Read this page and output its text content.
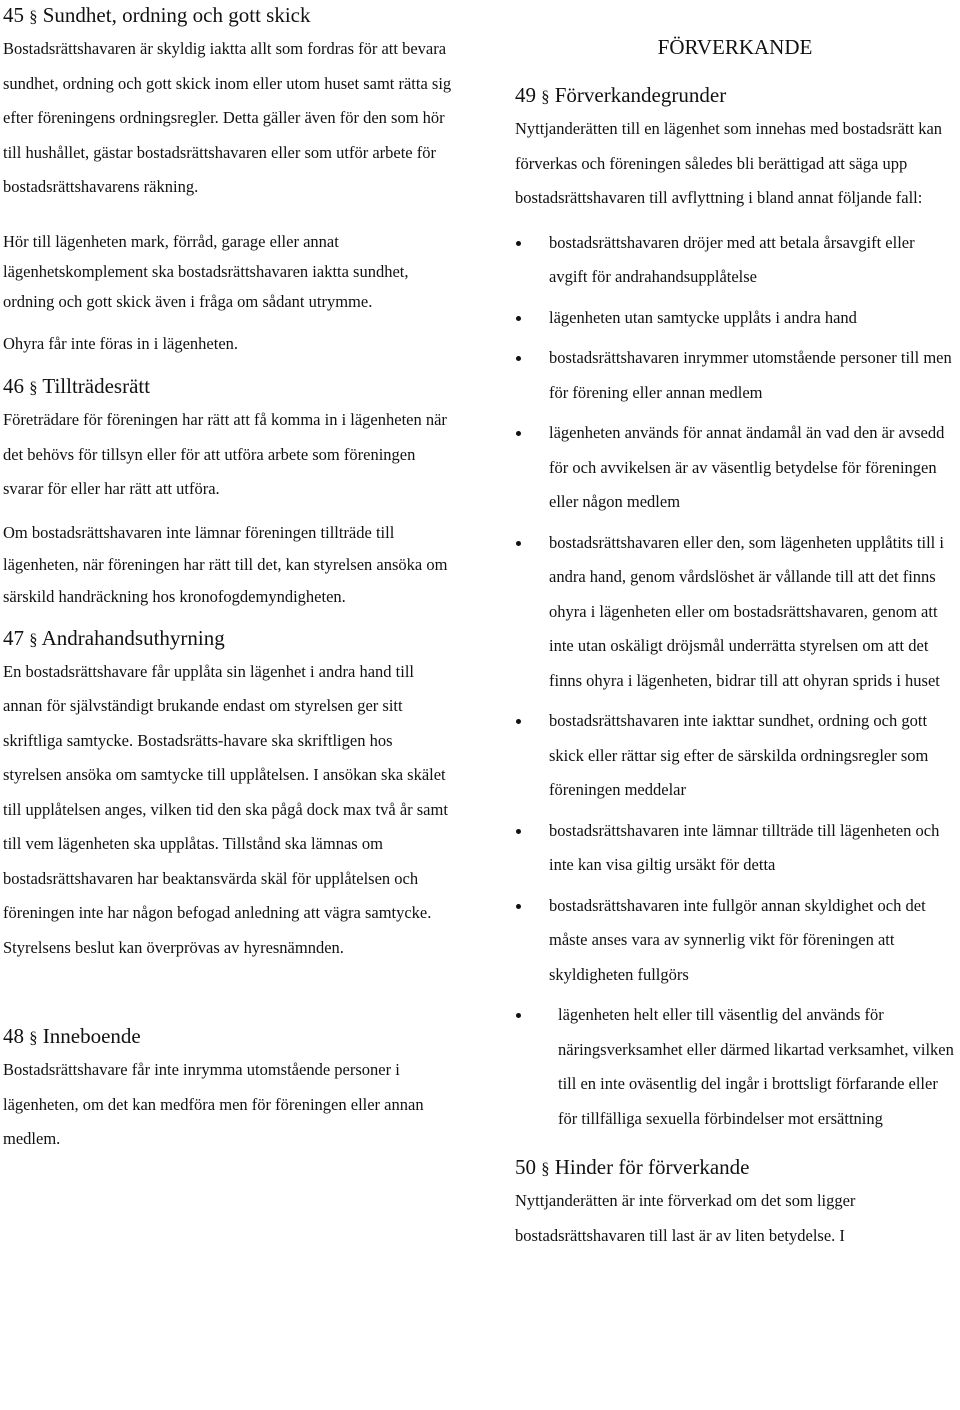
45 § Sundhet, ordning och gott skick

Bostadsrättshavaren är skyldig iaktta allt som fordras för att bevara sundhet, ordning och gott skick inom eller utom huset samt rätta sig efter föreningens ordningsregler. Detta gäller även för den som hör till hushållet, gästar bostadsrättshavaren eller som utför arbete för bostadsrättshavarens räkning.

Hör till lägenheten mark, förråd, garage eller annat lägenhetskomplement ska bostadsrättshavaren iaktta sundhet, ordning och gott skick även i fråga om sådant utrymme.

Ohyra får inte föras in i lägenheten.

46 § Tillträdesrätt

Företrädare för föreningen har rätt att få komma in i lägenheten när det behövs för tillsyn eller för att utföra arbete som föreningen svarar för eller har rätt att utföra.

Om bostadsrättshavaren inte lämnar föreningen tillträde till lägenheten, när föreningen har rätt till det, kan styrelsen ansöka om särskild handräckning hos kronofogdemyndigheten.

47 § Andrahandsuthyrning

En bostadsrättshavare får upplåta sin lägenhet i andra hand till annan för självständigt brukande endast om styrelsen ger sitt skriftliga samtycke. Bostadsrätts-havare ska skriftligen hos styrelsen ansöka om samtycke till upplåtelsen. I ansökan ska skälet till upplåtelsen anges, vilken tid den ska pågå dock max två år samt till vem lägenheten ska upplåtas. Tillstånd ska lämnas om bostadsrättshavaren har beaktansvärda skäl för upplåtelsen och föreningen inte har någon befogad anledning att vägra samtycke. Styrelsens beslut kan överprövas av hyresnämnden.

48 § Inneboende

Bostadsrättshavare får inte inrymma utomstående personer i lägenheten, om det kan medföra men för föreningen eller annan medlem.

FÖRVERKANDE
49 § Förverkandegrunder

Nyttjanderätten till en lägenhet som innehas med bostadsrätt kan förverkas och föreningen således bli berättigad att säga upp bostadsrättshavaren till avflyttning i bland annat följande fall:

bostadsrättshavaren dröjer med att betala årsavgift eller avgift för andrahandsupplåtelse
lägenheten utan samtycke upplåts i andra hand
bostadsrättshavaren inrymmer utomstående personer till men för förening eller annan medlem
lägenheten används för annat ändamål än vad den är avsedd för och avvikelsen är av väsentlig betydelse för föreningen eller någon medlem
bostadsrättshavaren eller den, som lägenheten upplåtits till i andra hand, genom vårdslöshet är vållande till att det finns ohyra i lägenheten eller om bostadsrättshavaren, genom att inte utan oskäligt dröjsmål underrätta styrelsen om att det finns ohyra i lägenheten, bidrar till att ohyran sprids i huset
bostadsrättshavaren inte iakttar sundhet, ordning och gott skick eller rättar sig efter de särskilda ordningsregler som föreningen meddelar
bostadsrättshavaren inte lämnar tillträde till lägenheten och inte kan visa giltig ursäkt för detta
bostadsrättshavaren inte fullgör annan skyldighet och det måste anses vara av synnerlig vikt för föreningen att skyldigheten fullgörs
lägenheten helt eller till väsentlig del används för näringsverksamhet eller därmed likartad verksamhet, vilken till en inte oväsentlig del ingår i brottsligt förfarande eller för tillfälliga sexuella förbindelser mot ersättning
50 § Hinder för förverkande

Nyttjanderätten är inte förverkad om det som ligger bostadsrättshavaren till last är av liten betydelse. I
